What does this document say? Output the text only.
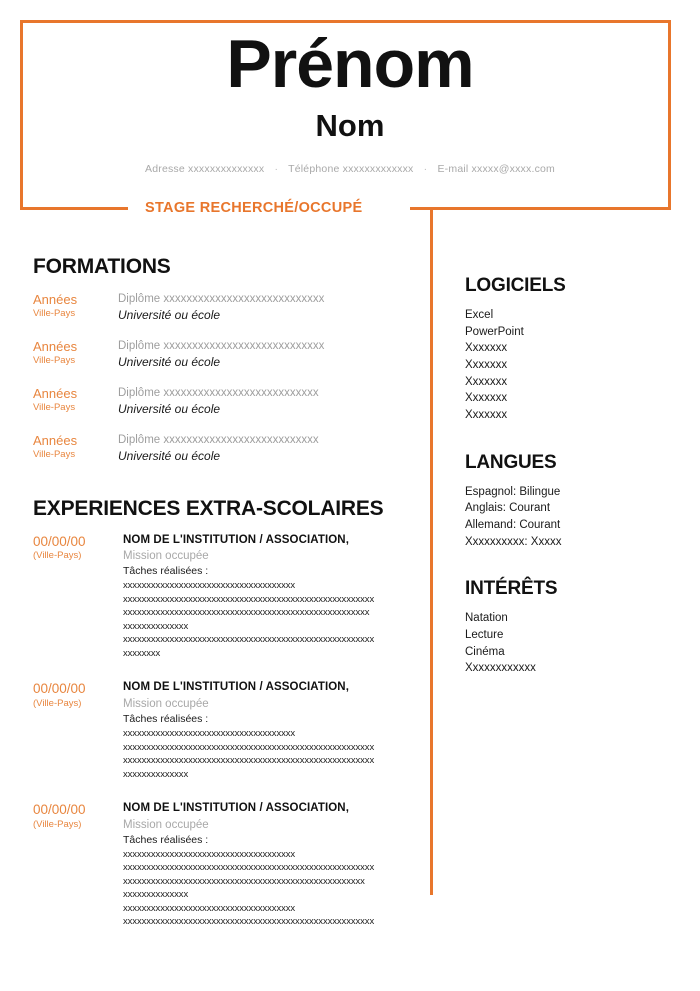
Prénom
Nom
Adresse xxxxxxxxxxxxxx · Téléphone xxxxxxxxxxxxx · E-mail xxxxx@xxxx.com
STAGE RECHERCHÉ/OCCUPÉ
FORMATIONS
Années
Ville-Pays
Diplôme xxxxxxxxxxxxxxxxxxxxxxxxxxxx
Université ou école
Années
Ville-Pays
Diplôme xxxxxxxxxxxxxxxxxxxxxxxxxxxx
Université ou école
Années
Ville-Pays
Diplôme xxxxxxxxxxxxxxxxxxxxxxxxxxx
Université ou école
Années
Ville-Pays
Diplôme xxxxxxxxxxxxxxxxxxxxxxxxxxx
Université ou école
EXPERIENCES EXTRA-SCOLAIRES
00/00/00
(Ville-Pays)
NOM DE L'INSTITUTION / ASSOCIATION,
Mission occupée
Tâches réalisées :
xxxxxxxxxxxxxxxxxxxxxxxxxxxxxxxxxxxxx
xxxxxxxxxxxxxxxxxxxxxxxxxxxxxxxxxxxxxxxxxxxxxxxxxxxxxx
xxxxxxxxxxxxxxxxxxxxxxxxxxxxxxxxxxxxxxxxxxxxxxxxxxxxx
xxxxxxxxxxxxxx
xxxxxxxxxxxxxxxxxxxxxxxxxxxxxxxxxxxxxxxxxxxxxxxxxxxxxx
xxxxxxxx
00/00/00
(Ville-Pays)
NOM DE L'INSTITUTION / ASSOCIATION,
Mission occupée
Tâches réalisées :
xxxxxxxxxxxxxxxxxxxxxxxxxxxxxxxxxxxxx
xxxxxxxxxxxxxxxxxxxxxxxxxxxxxxxxxxxxxxxxxxxxxxxxxxxxxx
xxxxxxxxxxxxxxxxxxxxxxxxxxxxxxxxxxxxxxxxxxxxxxxxxxxxxx
xxxxxxxxxxxxxx
00/00/00
(Ville-Pays)
NOM DE L'INSTITUTION / ASSOCIATION,
Mission occupée
Tâches réalisées :
xxxxxxxxxxxxxxxxxxxxxxxxxxxxxxxxxxxxx
xxxxxxxxxxxxxxxxxxxxxxxxxxxxxxxxxxxxxxxxxxxxxxxxxxxxxx
xxxxxxxxxxxxxxxxxxxxxxxxxxxxxxxxxxxxxxxxxxxxxxxxxxxx
xxxxxxxxxxxxxx
xxxxxxxxxxxxxxxxxxxxxxxxxxxxxxxxxxxxx
xxxxxxxxxxxxxxxxxxxxxxxxxxxxxxxxxxxxxxxxxxxxxxxxxxxxxx
LOGICIELS
Excel
PowerPoint
Xxxxxxx
Xxxxxxx
Xxxxxxx
Xxxxxxx
Xxxxxxx
LANGUES
Espagnol: Bilingue
Anglais: Courant
Allemand: Courant
Xxxxxxxxxx: Xxxxx
INTÉRÊTS
Natation
Lecture
Cinéma
Xxxxxxxxxxxx
